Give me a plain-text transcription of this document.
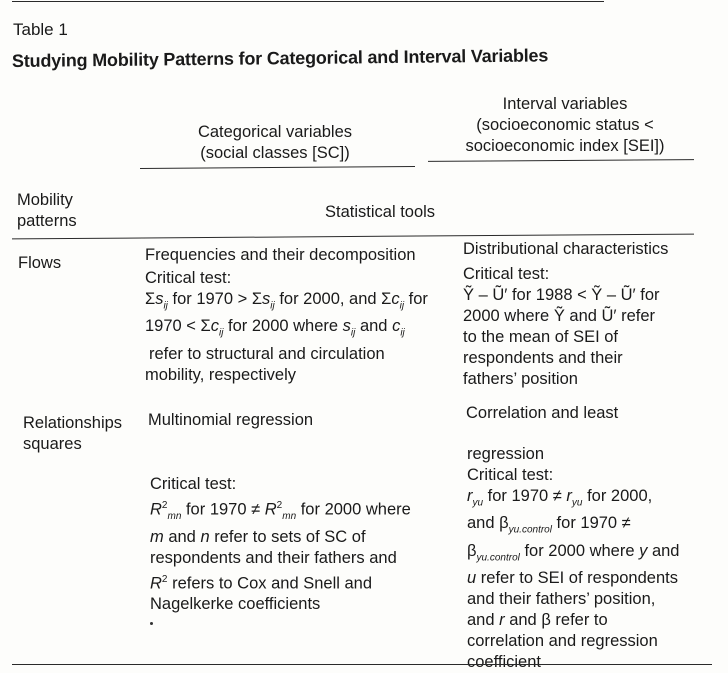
Table 1
Studying Mobility Patterns for Categorical and Interval Variables
Categorical variables
(social classes [SC])
Interval variables
(socioeconomic status <
socioeconomic index [SEI])
Mobility
patterns	Statistical tools
Flows	Frequencies and their decomposition
Critical test:
$\Sigma s_{ij}$ for $1970 > \Sigma s_{ij}$ for 2000, and $\Sigma c_{ij}$ for
$1970 < \Sigma c_{ij}$ for 2000 where $s_{ij}$ and $c_{ij}$
refer to structural and circulation
mobility, respectively
Distributional characteristics
Critical test:
Ỹ – Ũ′ for 1988 < Ỹ – Ũ′ for
2000 where Ỹ and Ũ′ refer
to the mean of SEI of
respondents and their
fathers’ position
Relationships
squares
Multinomial regression
Critical test:
$R^2_{mn}$ for $1970 \ne R^2_{mn}$ for 2000 where
m and n refer to sets of SC of
respondents and their fathers and
$R^2$ refers to Cox and Snell and
Nagelkerke coefficients
Correlation and least
regression
Critical test:
$r_{yu}$ for $1970 \ne r_{yu}$ for 2000,
and $\beta_{yu.control}$ for 1970 ≠
$\beta_{yu.control}$ for 2000 where y and
u refer to SEI of respondents
and their fathers’ position,
and r and β refer to
correlation and regression
coefficient
